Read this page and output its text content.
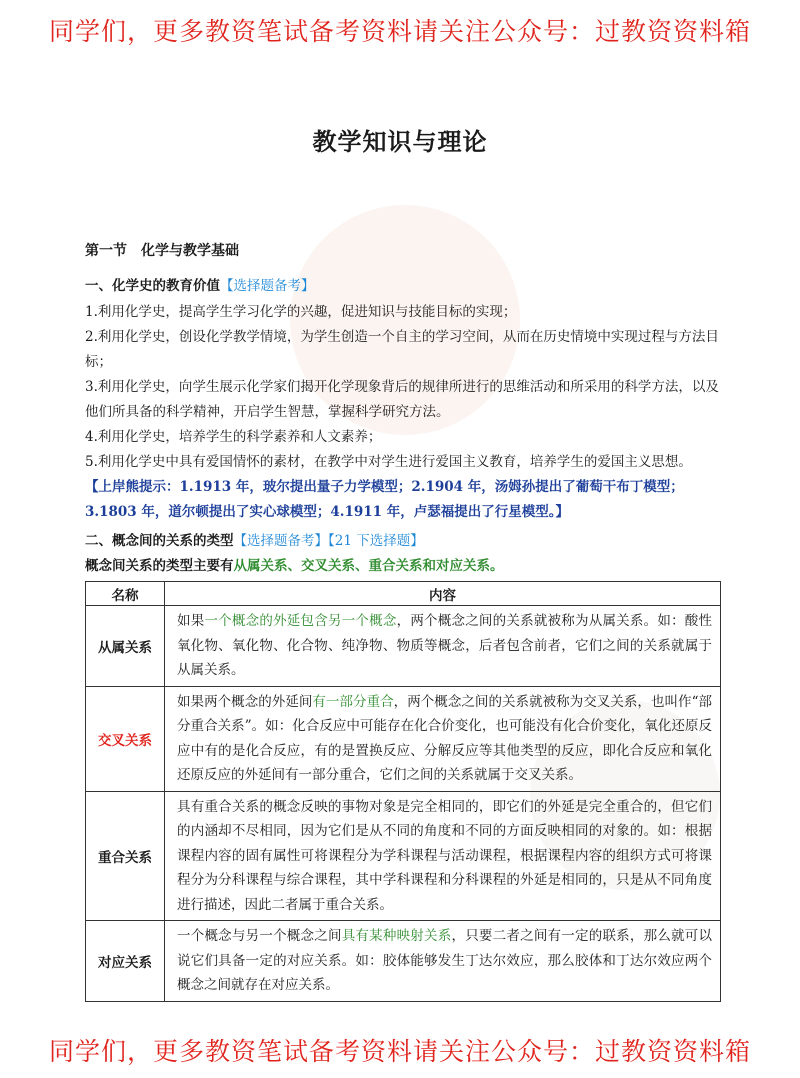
同学们，更多教资笔试备考资料请关注公众号：过教资资料箱
教学知识与理论
第一节　化学与教学基础
一、化学史的教育价值【选择题备考】

1.利用化学史，提高学生学习化学的兴趣，促进知识与技能目标的实现；

2.利用化学史，创设化学教学情境，为学生创造一个自主的学习空间，从而在历史情境中实现过程与方法目标；

3.利用化学史，向学生展示化学家们揭开化学现象背后的规律所进行的思维活动和所采用的科学方法，以及他们所具备的科学精神，开启学生智慧，掌握科学研究方法。

4.利用化学史，培养学生的科学素养和人文素养；

5.利用化学史中具有爱国情怀的素材，在教学中对学生进行爱国主义教育，培养学生的爱国主义思想。

【上岸熊提示：1.1913 年，玻尔提出量子力学模型；2.1904 年，汤姆孙提出了葡萄干布丁模型；3.1803 年，道尔顿提出了实心球模型；4.1911 年，卢瑟福提出了行星模型。】

二、概念间的关系的类型【选择题备考】【21 下选择题】

概念间关系的类型主要有从属关系、交叉关系、重合关系和对应关系。

名称	内容
从属关系	如果一个概念的外延包含另一个概念，两个概念之间的关系就被称为从属关系。如：酸性氧化物、氧化物、化合物、纯净物、物质等概念，后者包含前者，它们之间的关系就属于从属关系。
交叉关系	如果两个概念的外延间有一部分重合，两个概念之间的关系就被称为交叉关系，也叫作“部分重合关系”。如：化合反应中可能存在化合价变化，也可能没有化合价变化，氧化还原反应中有的是化合反应，有的是置换反应、分解反应等其他类型的反应，即化合反应和氧化还原反应的外延间有一部分重合，它们之间的关系就属于交叉关系。
重合关系	具有重合关系的概念反映的事物对象是完全相同的，即它们的外延是完全重合的，但它们的内涵却不尽相同，因为它们是从不同的角度和不同的方面反映相同的对象的。如：根据课程内容的固有属性可将课程分为学科课程与活动课程，根据课程内容的组织方式可将课程分为分科课程与综合课程，其中学科课程和分科课程的外延是相同的，只是从不同角度进行描述，因此二者属于重合关系。
对应关系	一个概念与另一个概念之间具有某种映射关系，只要二者之间有一定的联系，那么就可以说它们具备一定的对应关系。如：胶体能够发生丁达尔效应，那么胶体和丁达尔效应两个概念之间就存在对应关系。
同学们，更多教资笔试备考资料请关注公众号：过教资资料箱
